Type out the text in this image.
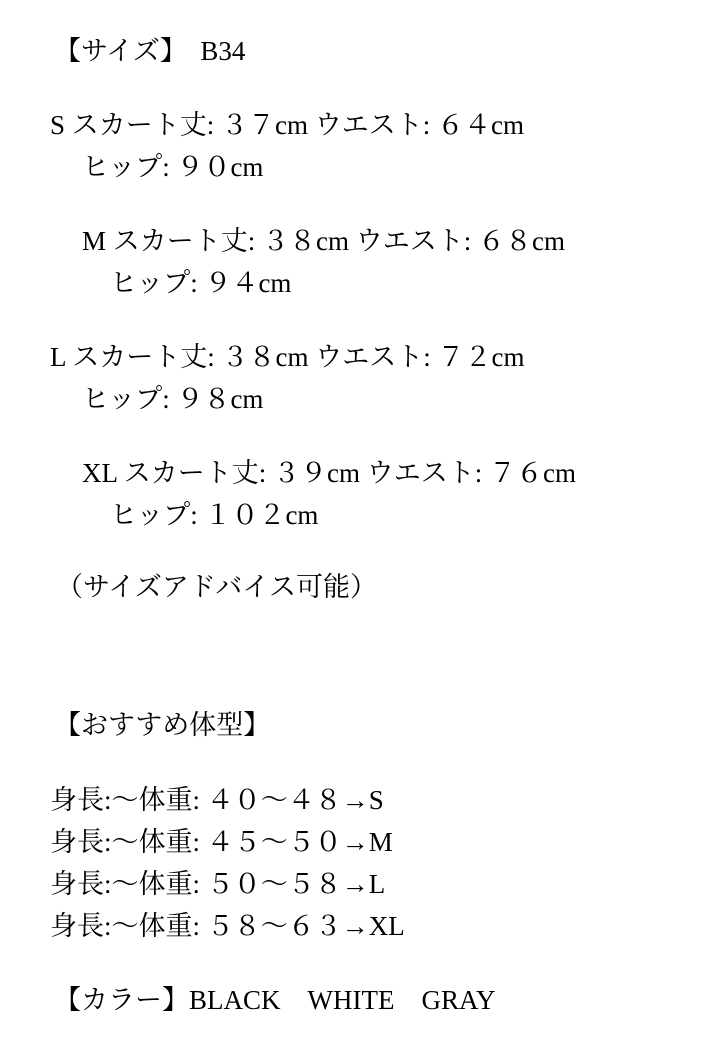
【サイズ】　B34
S スカート丈: ３７cm ウエスト: ６４cm
ヒップ: ９０cm
M スカート丈: ３８cm ウエスト: ６８cm
ヒップ: ９４cm
L スカート丈: ３８cm ウエスト: ７２cm
ヒップ: ９８cm
XL スカート丈: ３９cm ウエスト: ７６cm
ヒップ: １０２cm
（サイズアドバイス可能）
【おすすめ体型】
身長:〜体重: ４０〜４８→S
身長:〜体重: ４５〜５０→M
身長:〜体重: ５０〜５８→L
身長:〜体重: ５８〜６３→XL
【カラー】BLACK　WHITE　GRAY
